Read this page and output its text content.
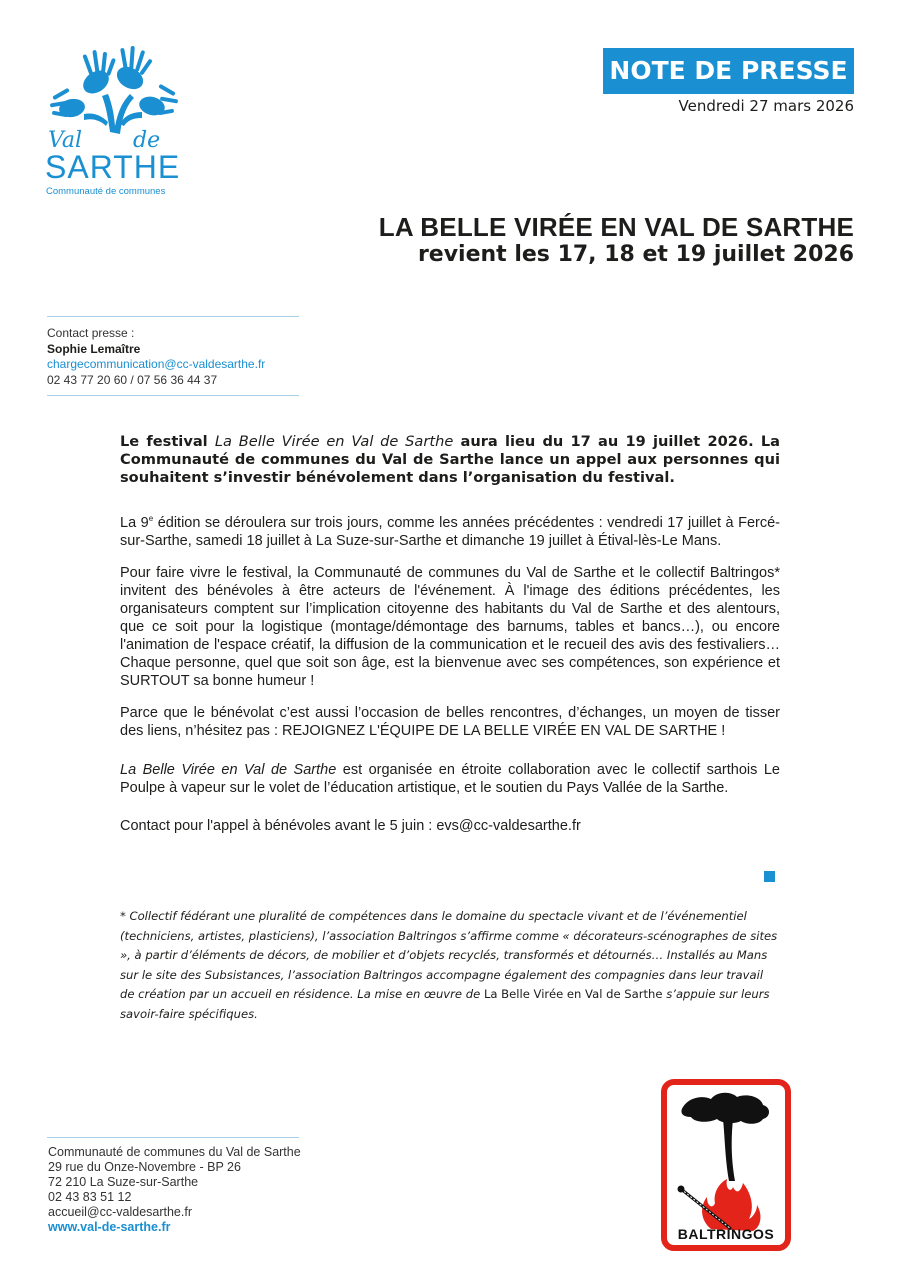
Val de
SARTHE
Communauté de communes
NOTE DE PRESSE
Vendredi 27 mars 2026
LA BELLE VIRÉE EN VAL DE SARTHE
revient les 17, 18 et 19 juillet 2026
Contact presse :
Sophie Lemaître
chargecommunication@cc-valdesarthe.fr
02 43 77 20 60 / 07 56 36 44 37
Le festival La Belle Virée en Val de Sarthe aura lieu du 17 au 19 juillet 2026. La Communauté de communes du Val de Sarthe lance un appel aux personnes qui souhaitent s’investir bénévolement dans l’organisation du festival.
La 9e édition se déroulera sur trois jours, comme les années précédentes : vendredi 17 juillet à Fercé-sur-Sarthe, samedi 18 juillet à La Suze-sur-Sarthe et dimanche 19 juillet à Étival-lès-Le Mans.
Pour faire vivre le festival, la Communauté de communes du Val de Sarthe et le collectif Baltringos* invitent des bénévoles à être acteurs de l'événement. À l'image des éditions précédentes, les organisateurs comptent sur l’implication citoyenne des habitants du Val de Sarthe et des alentours, que ce soit pour la logistique (montage/démontage des barnums, tables et bancs…), ou encore l'animation de l'espace créatif, la diffusion de la communication et le recueil des avis des festivaliers… Chaque personne, quel que soit son âge, est la bienvenue avec ses compétences, son expérience et SURTOUT sa bonne humeur !
Parce que le bénévolat c’est aussi l’occasion de belles rencontres, d’échanges, un moyen de tisser des liens, n’hésitez pas : REJOIGNEZ L'ÉQUIPE DE LA BELLE VIRÉE EN VAL DE SARTHE !
La Belle Virée en Val de Sarthe est organisée en étroite collaboration avec le collectif sarthois Le Poulpe à vapeur sur le volet de l’éducation artistique, et le soutien du Pays Vallée de la Sarthe.
Contact pour l'appel à bénévoles avant le 5 juin : evs@cc-valdesarthe.fr
* Collectif fédérant une pluralité de compétences dans le domaine du spectacle vivant et de l’événementiel (techniciens, artistes, plasticiens), l’association Baltringos s’affirme comme « décorateurs-scénographes de sites », à partir d’éléments de décors, de mobilier et d’objets recyclés, transformés et détournés… Installés au Mans sur le site des Subsistances, l’association Baltringos accompagne également des compagnies dans leur travail de création par un accueil en résidence. La mise en œuvre de La Belle Virée en Val de Sarthe s’appuie sur leurs savoir-faire spécifiques.
Communauté de communes du Val de Sarthe
29 rue du Onze-Novembre - BP 26
72 210 La Suze-sur-Sarthe
02 43 83 51 12
accueil@cc-valdesarthe.fr
www.val-de-sarthe.fr	BALTRINGOS
